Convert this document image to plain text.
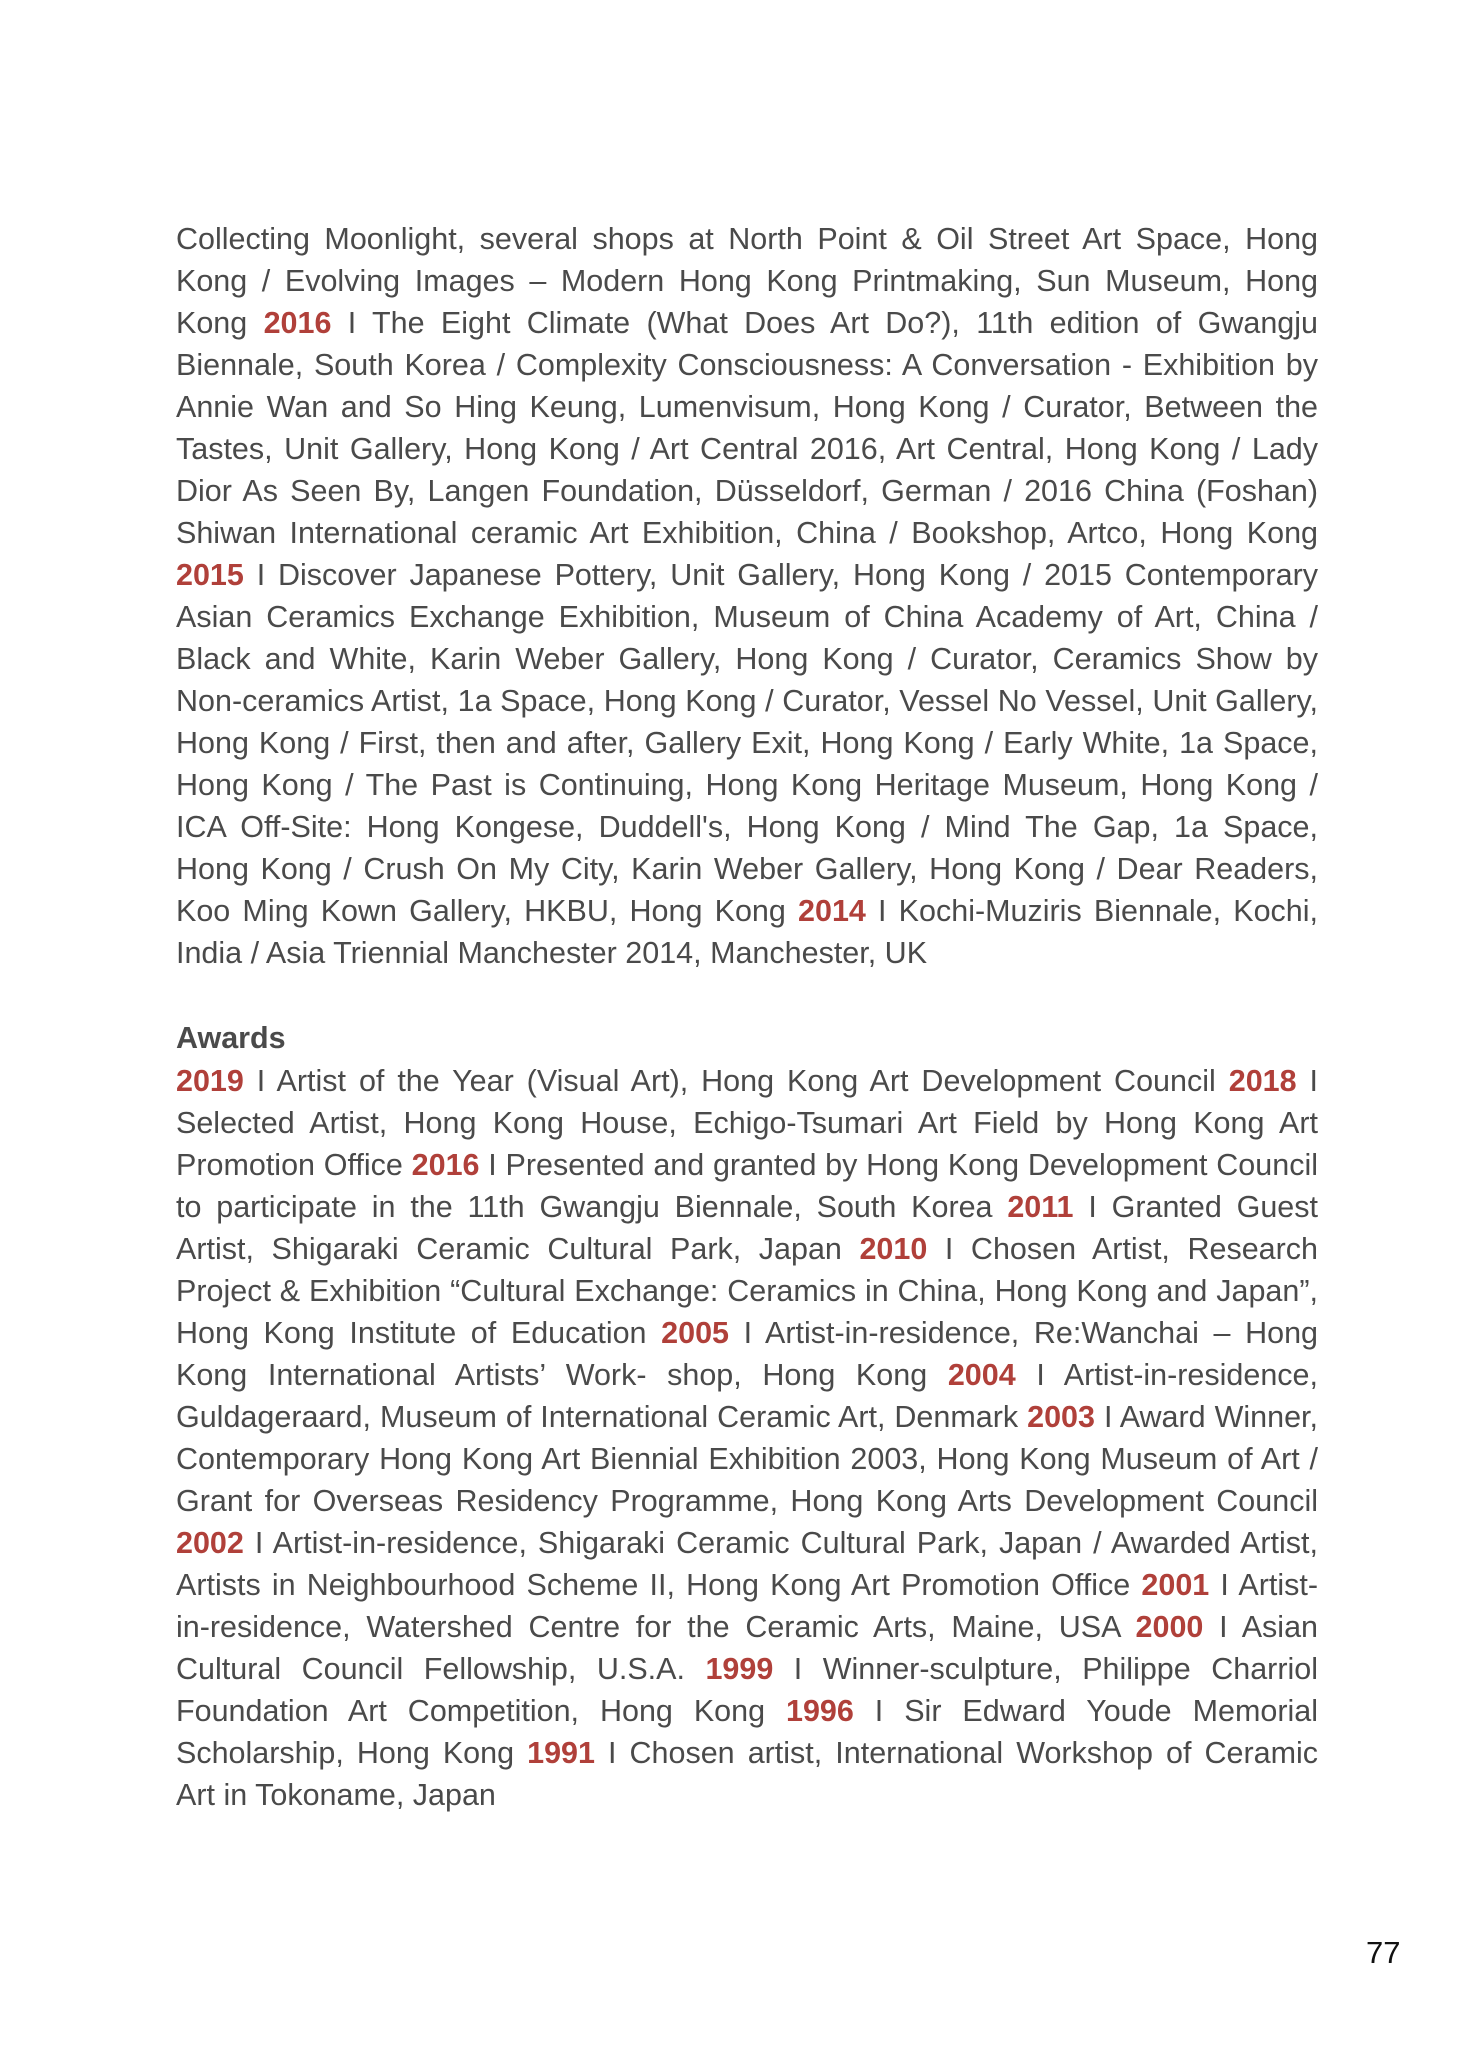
Collecting Moonlight, several shops at North Point & Oil Street Art Space, Hong Kong / Evolving Images – Modern Hong Kong Printmaking, Sun Museum, Hong Kong 2016 I The Eight Climate (What Does Art Do?), 11th edition of Gwangju Biennale, South Korea / Complexity Consciousness: A Conversation - Exhibition by Annie Wan and So Hing Keung, Lumenvisum, Hong Kong / Curator, Between the Tastes, Unit Gallery, Hong Kong / Art Central 2016, Art Central, Hong Kong / Lady Dior As Seen By, Langen Foundation, Düsseldorf, German / 2016 China (Foshan) Shiwan International ceramic Art Exhibition, China / Bookshop, Artco, Hong Kong 2015 I Discover Japanese Pottery, Unit Gallery, Hong Kong / 2015 Contemporary Asian Ceramics Exchange Exhibition, Museum of China Academy of Art, China / Black and White, Karin Weber Gallery, Hong Kong / Curator, Ceramics Show by Non-ceramics Artist, 1a Space, Hong Kong / Curator, Vessel No Vessel, Unit Gallery, Hong Kong / First, then and after, Gallery Exit, Hong Kong / Early White, 1a Space, Hong Kong / The Past is Continuing, Hong Kong Heritage Museum, Hong Kong / ICA Off-Site: Hong Kongese, Duddell's, Hong Kong / Mind The Gap, 1a Space, Hong Kong / Crush On My City, Karin Weber Gallery, Hong Kong / Dear Readers, Koo Ming Kown Gallery, HKBU, Hong Kong 2014 I Kochi-Muziris Biennale, Kochi, India / Asia Triennial Manchester 2014, Manchester, UK

Awards

2019 I Artist of the Year (Visual Art), Hong Kong Art Development Council 2018 I Selected Artist, Hong Kong House, Echigo-Tsumari Art Field by Hong Kong Art Promotion Office 2016 I Presented and granted by Hong Kong Development Council to participate in the 11th Gwangju Biennale, South Korea 2011 I Granted Guest Artist, Shigaraki Ceramic Cultural Park, Japan 2010 I Chosen Artist, Research Project & Exhibition “Cultural Exchange: Ceramics in China, Hong Kong and Japan”, Hong Kong Institute of Education 2005 I Artist-in-residence, Re:Wanchai – Hong Kong International Artists’ Work- shop, Hong Kong 2004 I Artist-in-residence, Guldageraard, Museum of International Ceramic Art, Denmark 2003 I Award Winner, Contemporary Hong Kong Art Biennial Exhibition 2003, Hong Kong Museum of Art / Grant for Overseas Residency Programme, Hong Kong Arts Development Council 2002 I Artist-in-residence, Shigaraki Ceramic Cultural Park, Japan / Awarded Artist, Artists in Neighbourhood Scheme II, Hong Kong Art Promotion Office 2001 I Artist-in-residence, Watershed Centre for the Ceramic Arts, Maine, USA 2000 I Asian Cultural Council Fellowship, U.S.A. 1999 I Winner-sculpture, Philippe Charriol Foundation Art Competition, Hong Kong 1996 I Sir Edward Youde Memorial Scholarship, Hong Kong 1991 I Chosen artist, International Workshop of Ceramic Art in Tokoname, Japan

77
